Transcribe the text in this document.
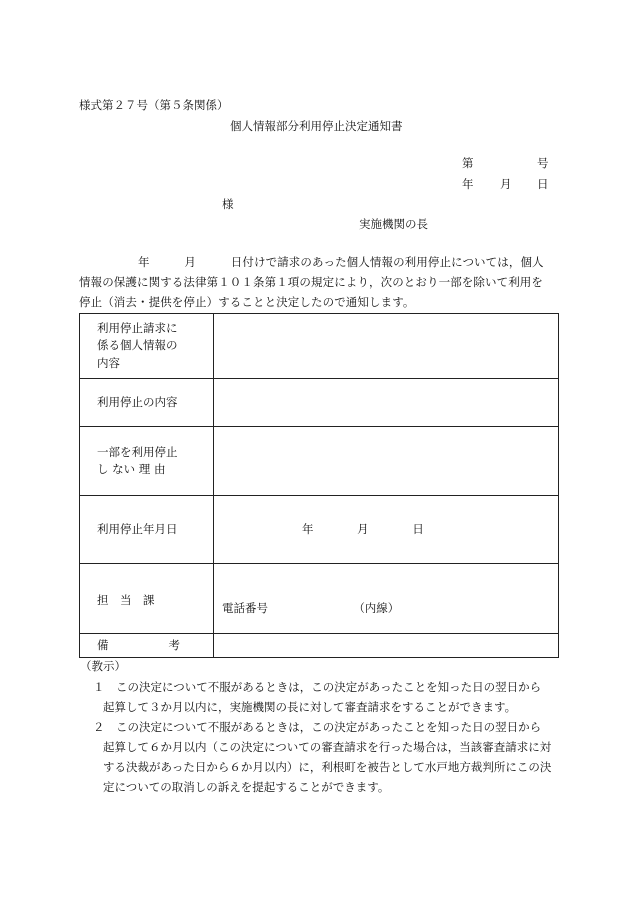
様式第２７号（第５条関係）
個人情報部分利用停止決定通知書
第	号
年 月 日
様
実施機関の長
年　　　月　　　日付けで請求のあった個人情報の利用停止については，個人
情報の保護に関する法律第１０１条第１項の規定により，次のとおり一部を除いて利用を
停止（消去・提供を停止）することと決定したので通知します。
利用停止請求に
係る個人情報の
内容	

利用停止の内容	

一部を利用停止
し ない 理 由	

利用停止年月日	年 月 日

担　当　課	電話番号 （内線）

備 考	

（教示）
１　この決定について不服があるときは，この決定があったことを知った日の翌日から
起算して３か月以内に，実施機関の長に対して審査請求をすることができます。
２　この決定について不服があるときは，この決定があったことを知った日の翌日から
起算して６か月以内（この決定についての審査請求を行った場合は，当該審査請求に対
する決裁があった日から６か月以内）に，利根町を被告として水戸地方裁判所にこの決
定についての取消しの訴えを提起することができます。
